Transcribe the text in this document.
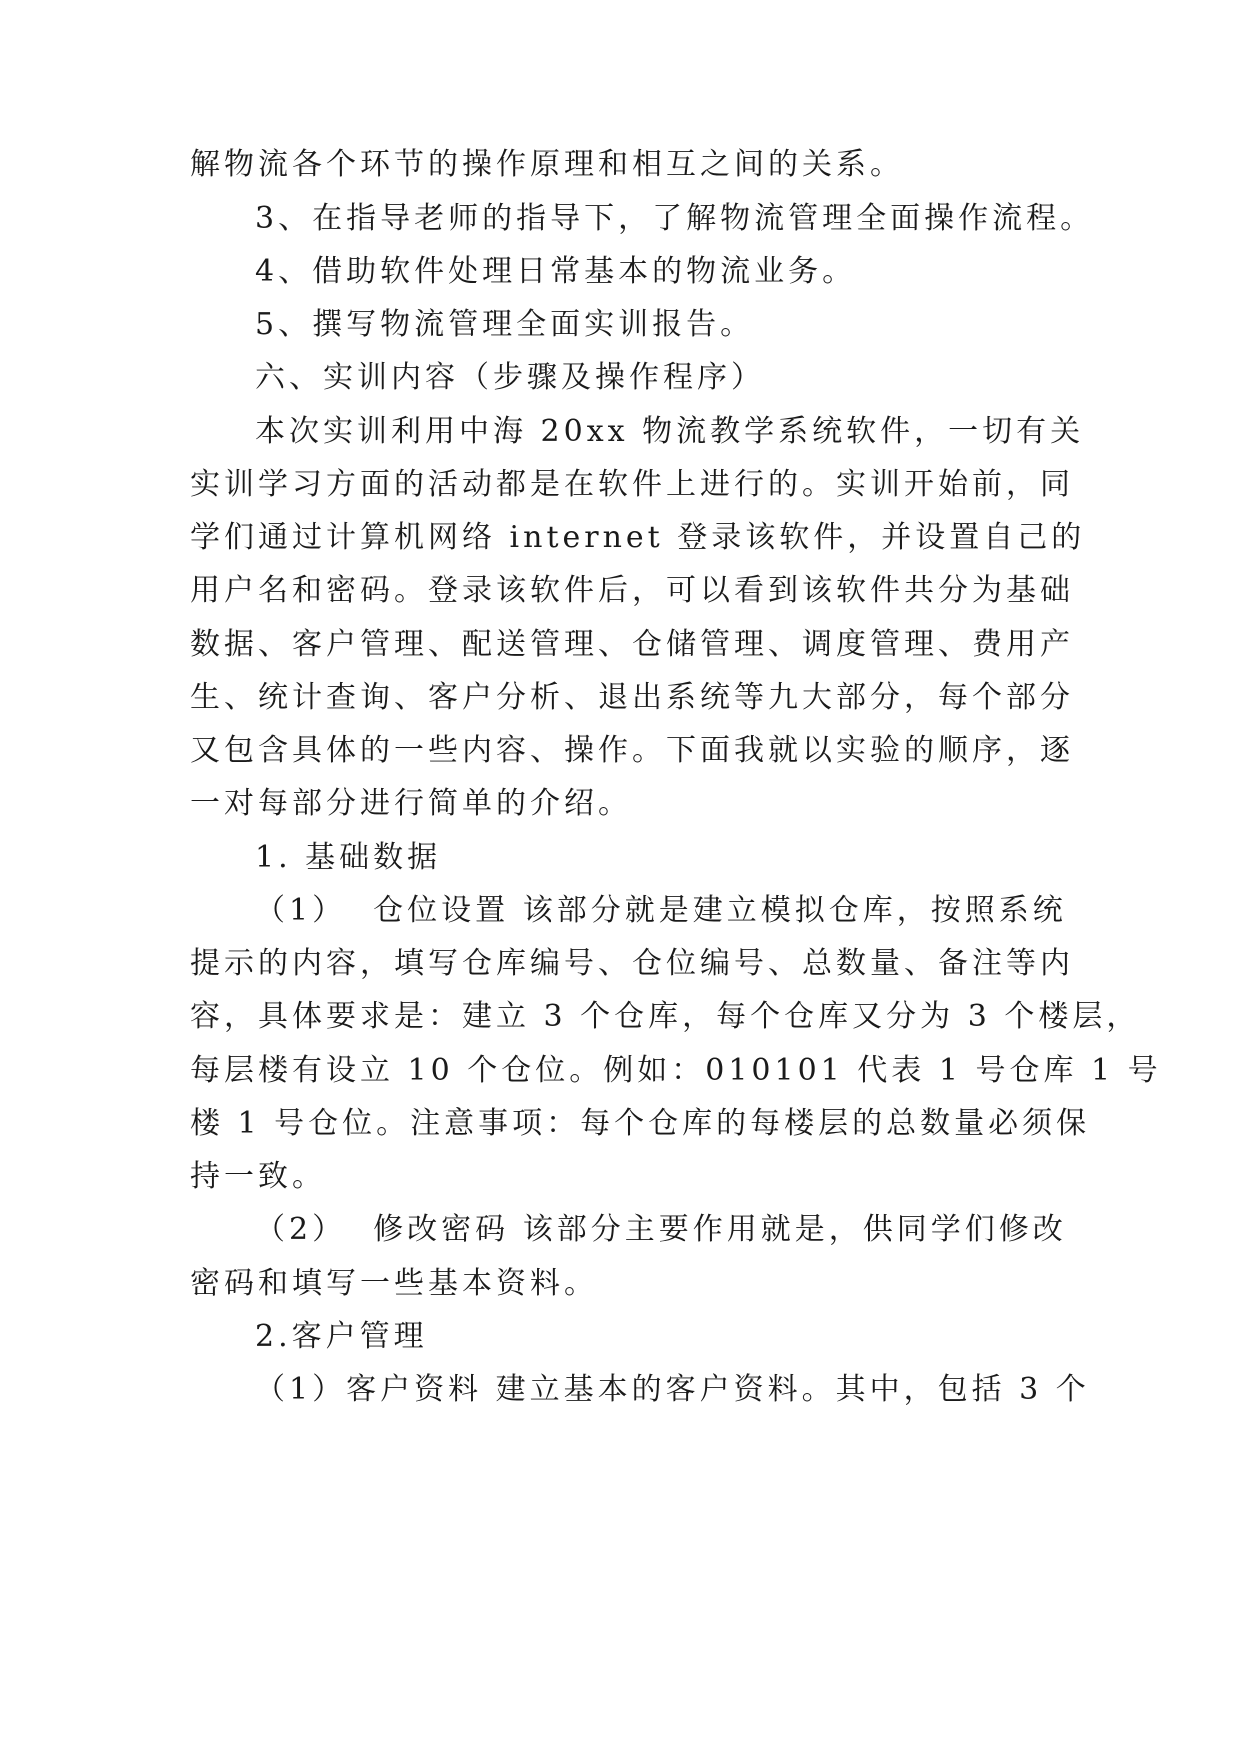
解物流各个环节的操作原理和相互之间的关系。
3、在指导老师的指导下，了解物流管理全面操作流程。
4、借助软件处理日常基本的物流业务。
5、撰写物流管理全面实训报告。
六、实训内容（步骤及操作程序）
本次实训利用中海 20xx 物流教学系统软件，一切有关
实训学习方面的活动都是在软件上进行的。实训开始前，同
学们通过计算机网络 internet 登录该软件，并设置自己的
用户名和密码。登录该软件后，可以看到该软件共分为基础
数据、客户管理、配送管理、仓储管理、调度管理、费用产
生、统计查询、客户分析、退出系统等九大部分，每个部分
又包含具体的一些内容、操作。下面我就以实验的顺序，逐
一对每部分进行简单的介绍。
1. 基础数据
（1）  仓位设置 该部分就是建立模拟仓库，按照系统
提示的内容，填写仓库编号、仓位编号、总数量、备注等内
容，具体要求是：建立 3 个仓库，每个仓库又分为 3 个楼层，
每层楼有设立 10 个仓位。例如：010101 代表 1 号仓库 1 号
楼 1 号仓位。注意事项：每个仓库的每楼层的总数量必须保
持一致。
（2）  修改密码 该部分主要作用就是，供同学们修改
密码和填写一些基本资料。
2.客户管理
（1）客户资料 建立基本的客户资料。其中，包括 3 个
